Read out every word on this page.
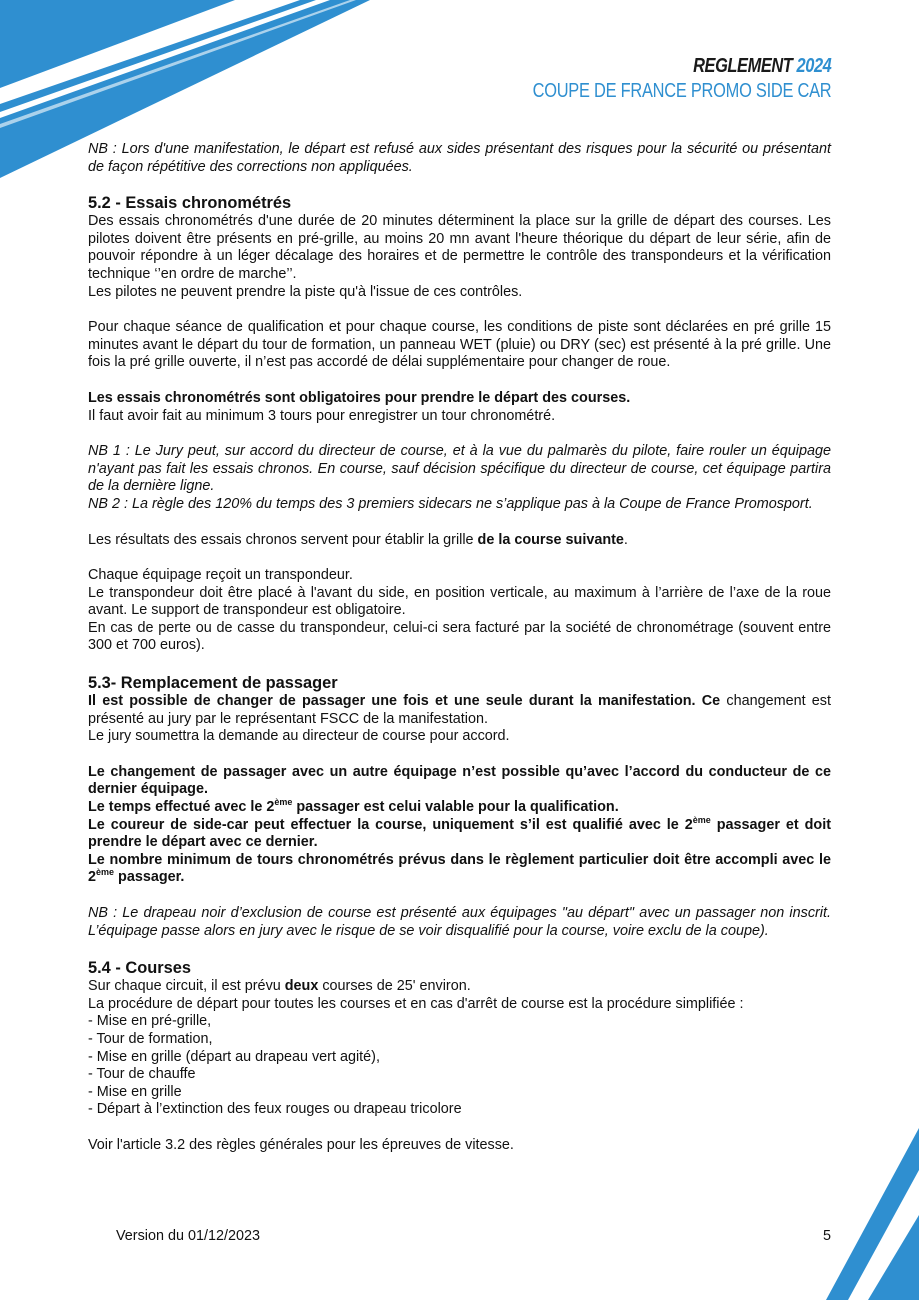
REGLEMENT 2024
COUPE DE FRANCE PROMO SIDE CAR

NB : Lors d'une manifestation, le départ est refusé aux sides présentant des risques pour la sécurité ou présentant de façon répétitive des corrections non appliquées.

5.2 - Essais chronométrés

Des essais chronométrés d'une durée de 20 minutes déterminent la place sur la grille de départ des courses. Les pilotes doivent être présents en pré-grille, au moins 20 mn avant l'heure théorique du départ de leur série, afin de pouvoir répondre à un léger décalage des horaires et de permettre le contrôle des transpondeurs et la vérification technique ‘’en ordre de marche’’.

Les pilotes ne peuvent prendre la piste qu'à l'issue de ces contrôles.

Pour chaque séance de qualification et pour chaque course, les conditions de piste sont déclarées en pré grille 15 minutes avant le départ du tour de formation, un panneau WET (pluie) ou DRY (sec) est présenté à la pré grille. Une fois la pré grille ouverte, il n’est pas accordé de délai supplémentaire pour changer de roue.

Les essais chronométrés sont obligatoires pour prendre le départ des courses.

Il faut avoir fait au minimum 3 tours pour enregistrer un tour chronométré.

NB 1 : Le Jury peut, sur accord du directeur de course, et à la vue du palmarès du pilote, faire rouler un équipage n'ayant pas fait les essais chronos. En course, sauf décision spécifique du directeur de course, cet équipage partira de la dernière ligne.

NB 2 : La règle des 120% du temps des 3 premiers sidecars ne s’applique pas à la Coupe de France Promosport.

Les résultats des essais chronos servent pour établir la grille de la course suivante.

Chaque équipage reçoit un transpondeur.

Le transpondeur doit être placé à l'avant du side, en position verticale, au maximum à l’arrière de l’axe de la roue avant. Le support de transpondeur est obligatoire.

En cas de perte ou de casse du transpondeur, celui-ci sera facturé par la société de chronométrage (souvent entre 300 et 700 euros).

5.3- Remplacement de passager

Il est possible de changer de passager une fois et une seule durant la manifestation. Ce changement est présenté au jury par le représentant FSCC de la manifestation.

Le jury soumettra la demande au directeur de course pour accord.

Le changement de passager avec un autre équipage n’est possible qu’avec l’accord du conducteur de ce dernier équipage.

Le temps effectué avec le 2ème passager est celui valable pour la qualification.

Le coureur de side-car peut effectuer la course, uniquement s’il est qualifié avec le 2ème passager et doit prendre le départ avec ce dernier.

Le nombre minimum de tours chronométrés prévus dans le règlement particulier doit être accompli avec le 2ème passager.

NB : Le drapeau noir d’exclusion de course est présenté aux équipages "au départ" avec un passager non inscrit. L’équipage passe alors en jury avec le risque de se voir disqualifié pour la course, voire exclu de la coupe).

5.4 - Courses

Sur chaque circuit, il est prévu deux courses de 25' environ.

La procédure de départ pour toutes les courses et en cas d'arrêt de course est la procédure simplifiée :

- Mise en pré-grille,

- Tour de formation,

- Mise en grille (départ au drapeau vert agité),

- Tour de chauffe

- Mise en grille

- Départ à l’extinction des feux rouges ou drapeau tricolore

Voir l'article 3.2 des règles générales pour les épreuves de vitesse.

Version du 01/12/2023	5
